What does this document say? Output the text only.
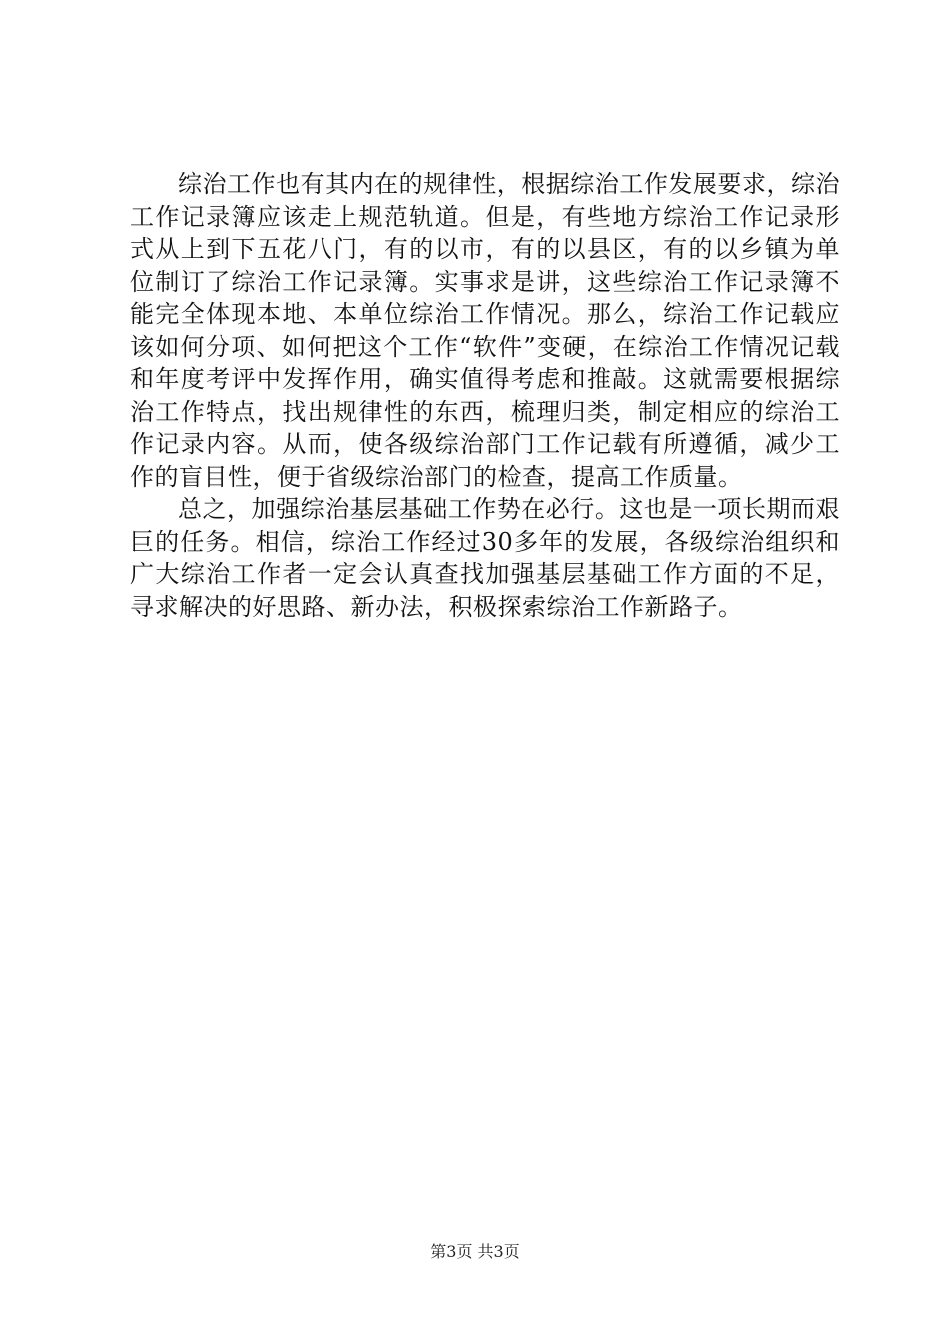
综治工作也有其内在的规律性，根据综治工作发展要求，综治工作记录簿应该走上规范轨道。但是，有些地方综治工作记录形式从上到下五花八门，有的以市，有的以县区，有的以乡镇为单位制订了综治工作记录簿。实事求是讲，这些综治工作记录簿不能完全体现本地、本单位综治工作情况。那么，综治工作记载应该如何分项、如何把这个工作“软件”变硬，在综治工作情况记载和年度考评中发挥作用，确实值得考虑和推敲。这就需要根据综治工作特点，找出规律性的东西，梳理归类，制定相应的综治工作记录内容。从而，使各级综治部门工作记载有所遵循，减少工作的盲目性，便于省级综治部门的检查，提高工作质量。

总之，加强综治基层基础工作势在必行。这也是一项长期而艰巨的任务。相信，综治工作经过30多年的发展，各级综治组织和广大综治工作者一定会认真查找加强基层基础工作方面的不足，寻求解决的好思路、新办法，积极探索综治工作新路子。

第3页 共3页
